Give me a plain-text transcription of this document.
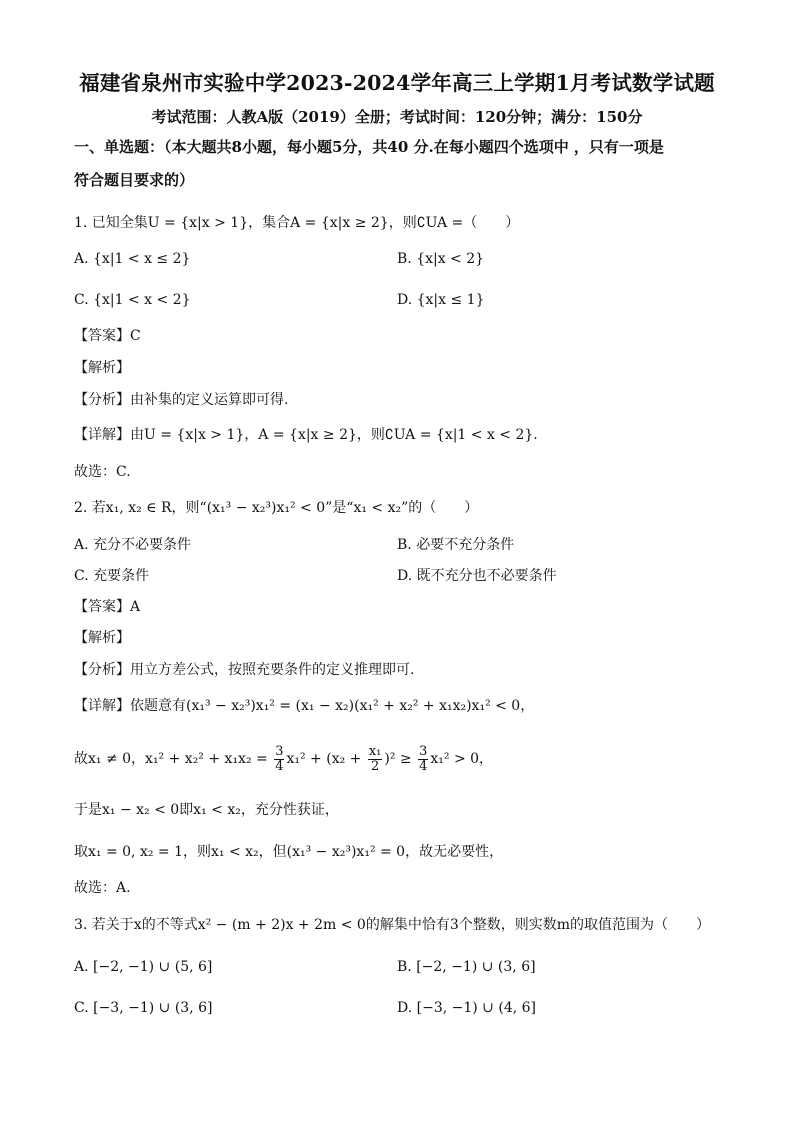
福建省泉州市实验中学2023-2024学年高三上学期1月考试数学试题
考试范围：人教A版（2019）全册；考试时间：120分钟；满分：150分
一、单选题：（本大题共8小题，每小题5分，共40 分.在每小题四个选项中 ，只有一项是
符合题目要求的）
1. 已知全集U = {x|x > 1}，集合A = {x|x ≥ 2}，则∁UA =（　　）
A. {x|1 < x ≤ 2}	B. {x|x < 2}
C. {x|1 < x < 2}	D. {x|x ≤ 1}
【答案】C
【解析】
【分析】由补集的定义运算即可得.
【详解】由U = {x|x > 1}，A = {x|x ≥ 2}，则∁UA = {x|1 < x < 2}.
故选：C.
2. 若x₁, x₂ ∈ R，则“(x₁³ − x₂³)x₁² < 0”是“x₁ < x₂”的（　　）
A. 充分不必要条件	B. 必要不充分条件
C. 充要条件	D. 既不充分也不必要条件
【答案】A
【解析】
【分析】用立方差公式，按照充要条件的定义推理即可.
【详解】依题意有(x₁³ − x₂³)x₁² = (x₁ − x₂)(x₁² + x₂² + x₁x₂)x₁² < 0，
故x₁ ≠ 0，$x_1^2 + x_2^2 + x_1x_2 = \frac{3}{4} x_1^2 + (x_2 + \frac{\text{x₁}}{2} )^2 \ge \frac{3}{4} x_1^2 > 0$，
于是x₁ − x₂ < 0即x₁ < x₂，充分性获证，
取x₁ = 0, x₂ = 1，则x₁ < x₂，但(x₁³ − x₂³)x₁² = 0，故无必要性，
故选：A.
3. 若关于x的不等式x² − (m + 2)x + 2m < 0的解集中恰有3个整数，则实数m的取值范围为（　　）
A. [−2, −1) ∪ (5, 6]	B. [−2, −1) ∪ (3, 6]
C. [−3, −1) ∪ (3, 6]	D. [−3, −1) ∪ (4, 6]
